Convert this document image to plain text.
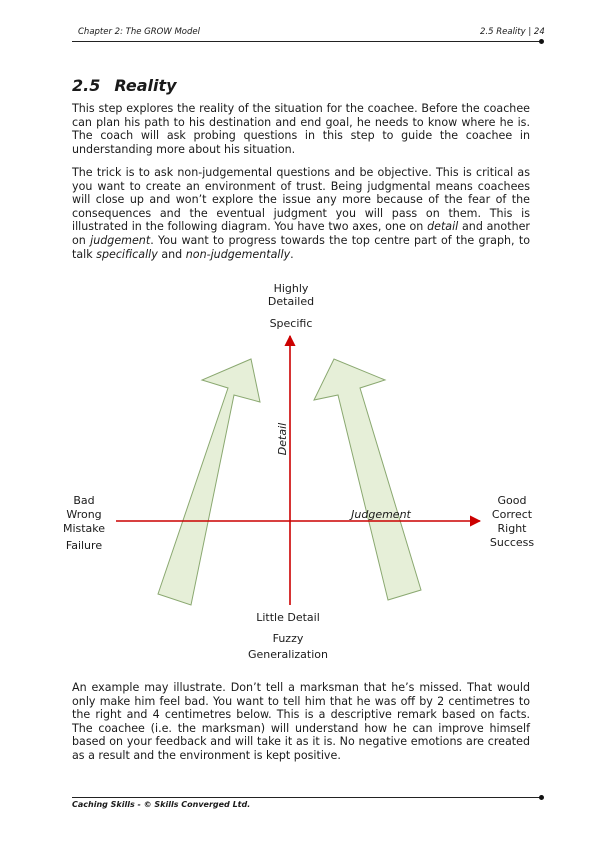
Chapter 2: The GROW Model	2.5 Reality | 24
2.5 Reality

This step explores the reality of the situation for the coachee. Before the coachee can plan his path to his destination and end goal, he needs to know where he is. The coach will ask probing questions in this step to guide the coachee in understanding more about his situation.

The trick is to ask non-judgemental questions and be objective. This is critical as you want to create an environment of trust. Being judgmental means coachees will close up and won’t explore the issue any more because of the fear of the consequences and the eventual judgment you will pass on them. This is illustrated in the following diagram. You have two axes, one on detail and another on judgement. You want to progress towards the top centre part of the graph, to talk specifically and non-judgementally.

Detail
Judgement
Highly
Detailed
Specific
Little Detail
Fuzzy
Generalization
Bad
Wrong
Mistake
Failure
Good
Correct
Right
Success

An example may illustrate. Don’t tell a marksman that he’s missed. That would only make him feel bad. You want to tell him that he was off by 2 centimetres to the right and 4 centimetres below. This is a descriptive remark based on facts. The coachee (i.e. the marksman) will understand how he can improve himself based on your feedback and will take it as it is. No negative emotions are created as a result and the environment is kept positive.

Caching Skills - © Skills Converged Ltd.
